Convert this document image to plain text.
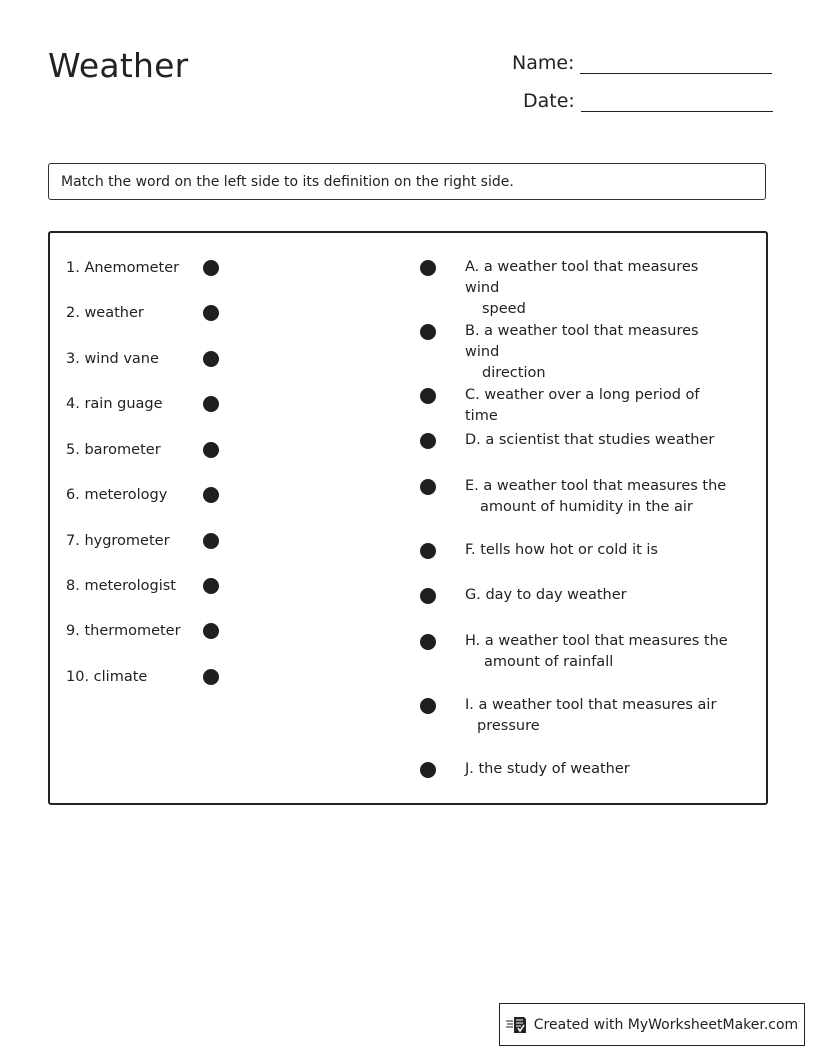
Weather	Name:
Date:
Match the word on the left side to its definition on the right side.
1. Anemometer
2. weather
3. wind vane
4. rain guage
5. barometer
6. meterology
7. hygrometer
8. meterologist
9. thermometer
10. climate
A. a weather tool that measures wind
speed
B. a weather tool that measures wind
direction
C. weather over a long period of time
D. a scientist that studies weather
E. a weather tool that measures the
amount of humidity in the air
F. tells how hot or cold it is
G. day to day weather
H. a weather tool that measures the
amount of rainfall
I. a weather tool that measures air
pressure
J. the study of weather
Created with MyWorksheetMaker.com
